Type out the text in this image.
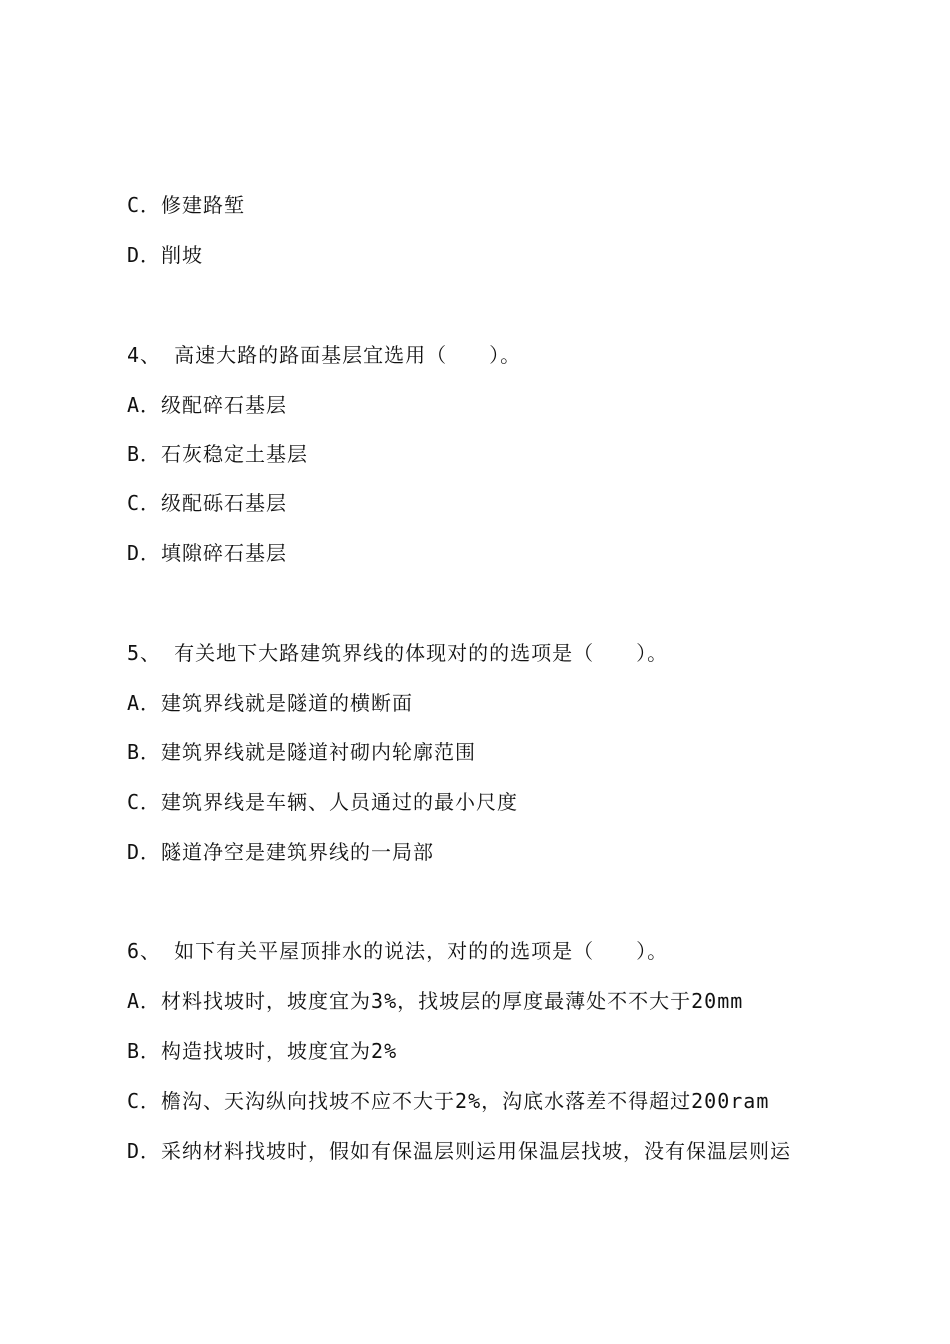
C．修建路堑
D．削坡
4、 高速大路的路面基层宜选用（　　）。
A．级配碎石基层
B．石灰稳定土基层
C．级配砾石基层
D．填隙碎石基层
5、 有关地下大路建筑界线的体现对的的选项是（　　）。
A．建筑界线就是隧道的横断面
B．建筑界线就是隧道衬砌内轮廓范围
C．建筑界线是车辆、人员通过的最小尺度
D．隧道净空是建筑界线的一局部
6、 如下有关平屋顶排水的说法，对的的选项是（　　）。
A．材料找坡时，坡度宜为3%，找坡层的厚度最薄处不不大于20mm
B．构造找坡时，坡度宜为2%
C．檐沟、天沟纵向找坡不应不大于2%，沟底水落差不得超过200ram
D．采纳材料找坡时，假如有保温层则运用保温层找坡，没有保温层则运
